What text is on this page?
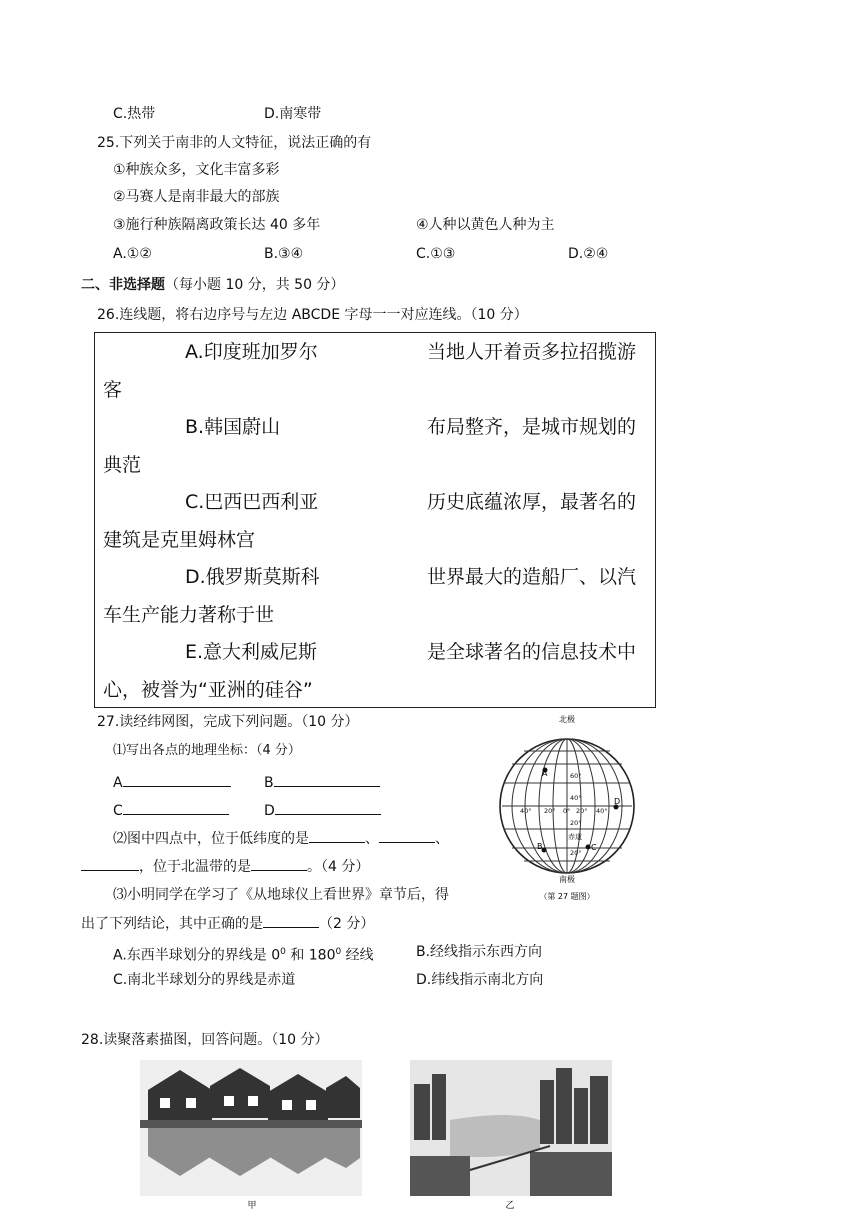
C.热带	D.南寒带
25.下列关于南非的人文特征，说法正确的有
①种族众多，文化丰富多彩
②马赛人是南非最大的部族
③施行种族隔离政策长达 40 多年	④人种以黄色人种为主
A.①②	B.③④	C.①③	D.②④
二、非选择题（每小题 10 分，共 50 分）
26.连线题，将右边序号与左边 ABCDE 字母一一对应连线。（10 分）
A.印度班加罗尔	当地人开着贡多拉招揽游
客
B.韩国蔚山	布局整齐，是城市规划的
典范
C.巴西巴西利亚	历史底蕴浓厚，最著名的
建筑是克里姆林宫
D.俄罗斯莫斯科	世界最大的造船厂、以汽
车生产能力著称于世
E.意大利威尼斯	是全球著名的信息技术中
心，被誉为“亚洲的硅谷”
27.读经纬网图，完成下列问题。（10 分）
⑴写出各点的地理坐标：（4 分）
A	B
C	D
⑵图中四点中，位于低纬度的是	、	、
，位于北温带的是	。（4 分）
⑶小明同学在学习了《从地球仪上看世界》章节后，得
出了下列结论，其中正确的是	（2 分）
A.东西半球划分的界线是 $0^0$ 和 $180^0$ 经线	B.经线指示东西方向
C.南北半球划分的界线是赤道	D.纬线指示南北方向
北极
60°
40°
20°
20°
40° 20° 0° 20° 40°
赤道
A
D
B	C
南极
（第 27 题图）
28.读聚落素描图，回答问题。（10 分）
甲	乙
